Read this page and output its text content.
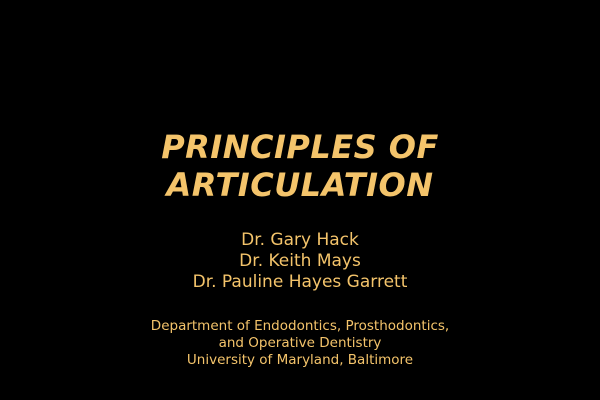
PRINCIPLES OF
ARTICULATION
Dr. Gary Hack
Dr. Keith Mays
Dr. Pauline Hayes Garrett
Department of Endodontics, Prosthodontics,
and Operative Dentistry
University of Maryland, Baltimore
